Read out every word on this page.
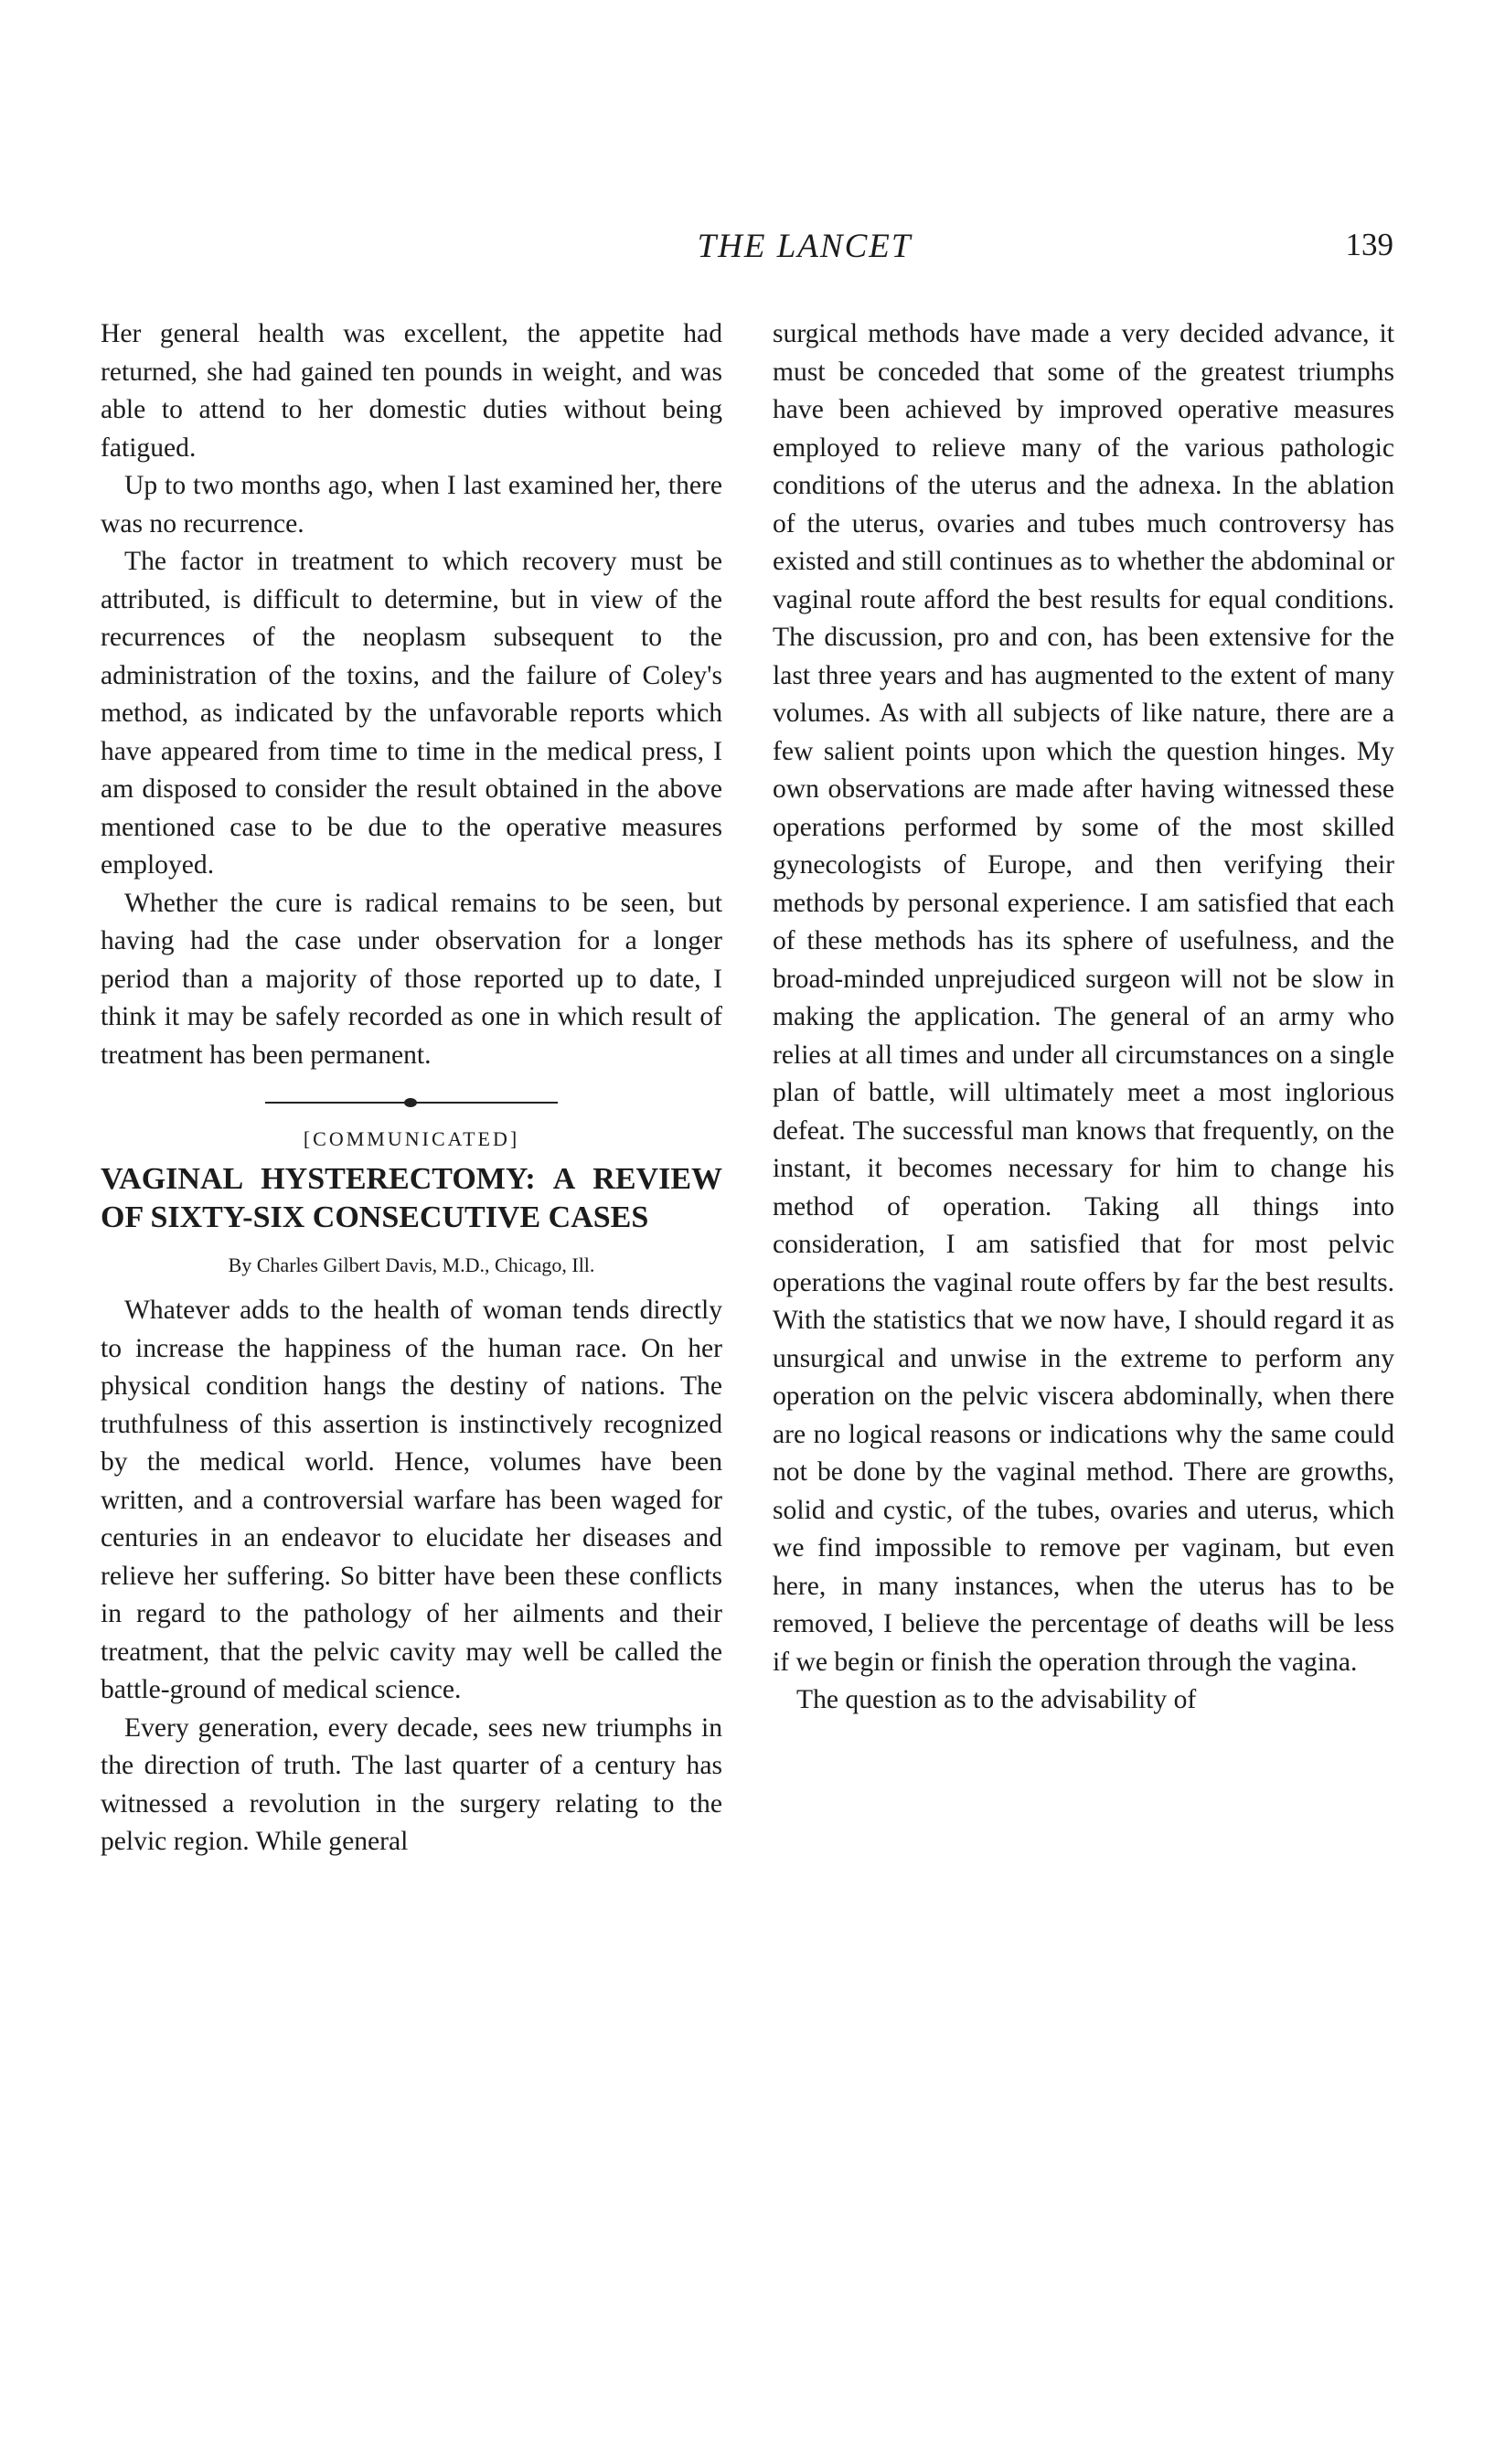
THE LANCET	139

Her general health was excellent, the appetite had returned, she had gained ten pounds in weight, and was able to attend to her domestic duties without being fatigued.

Up to two months ago, when I last examined her, there was no recurrence.

The factor in treatment to which recovery must be attributed, is difficult to determine, but in view of the recurrences of the neoplasm subsequent to the administration of the toxins, and the failure of Coley's method, as indicated by the unfavorable reports which have appeared from time to time in the medical press, I am disposed to consider the result obtained in the above mentioned case to be due to the operative measures employed.

Whether the cure is radical remains to be seen, but having had the case under observation for a longer period than a majority of those reported up to date, I think it may be safely recorded as one in which result of treatment has been permanent.

[COMMUNICATED]
VAGINAL HYSTERECTOMY: A REVIEW OF SIXTY-SIX CONSECUTIVE CASES
By Charles Gilbert Davis, M.D., Chicago, Ill.

Whatever adds to the health of woman tends directly to increase the happiness of the human race. On her physical condition hangs the destiny of nations. The truthfulness of this assertion is instinctively recognized by the medical world. Hence, volumes have been written, and a controversial warfare has been waged for centuries in an endeavor to elucidate her diseases and relieve her suffering. So bitter have been these conflicts in regard to the pathology of her ailments and their treatment, that the pelvic cavity may well be called the battle-ground of medical science.

Every generation, every decade, sees new triumphs in the direction of truth. The last quarter of a century has witnessed a revolution in the surgery relating to the pelvic region. While general

surgical methods have made a very decided advance, it must be conceded that some of the greatest triumphs have been achieved by improved operative measures employed to relieve many of the various pathologic conditions of the uterus and the adnexa. In the ablation of the uterus, ovaries and tubes much controversy has existed and still continues as to whether the abdominal or vaginal route afford the best results for equal conditions. The discussion, pro and con, has been extensive for the last three years and has augmented to the extent of many volumes. As with all subjects of like nature, there are a few salient points upon which the question hinges. My own observations are made after having witnessed these operations performed by some of the most skilled gynecologists of Europe, and then verifying their methods by personal experience. I am satisfied that each of these methods has its sphere of usefulness, and the broad-minded unprejudiced surgeon will not be slow in making the application. The general of an army who relies at all times and under all circumstances on a single plan of battle, will ultimately meet a most inglorious defeat. The successful man knows that frequently, on the instant, it becomes necessary for him to change his method of operation. Taking all things into consideration, I am satisfied that for most pelvic operations the vaginal route offers by far the best results. With the statistics that we now have, I should regard it as unsurgical and unwise in the extreme to perform any operation on the pelvic viscera abdominally, when there are no logical reasons or indications why the same could not be done by the vaginal method. There are growths, solid and cystic, of the tubes, ovaries and uterus, which we find impossible to remove per vaginam, but even here, in many instances, when the uterus has to be removed, I believe the percentage of deaths will be less if we begin or finish the operation through the vagina.

The question as to the advisability of
